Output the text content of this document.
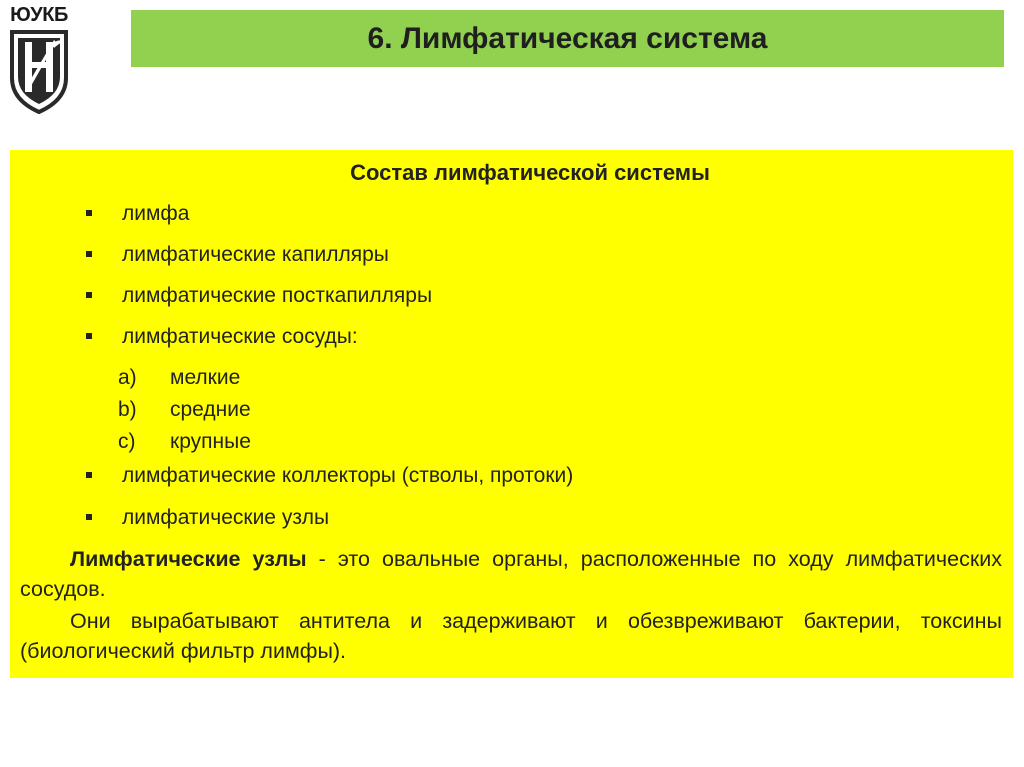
ЮУКБ
6. Лимфатическая система
Состав лимфатической системы
лимфа
лимфатические капилляры
лимфатические посткапилляры
лимфатические сосуды:
a) мелкие
b) средние
c) крупные
лимфатические коллекторы (стволы, протоки)
лимфатические узлы
Лимфатические узлы - это овальные органы, расположенные по ходу лимфатических сосудов.
Они вырабатывают антитела и задерживают и обезвреживают бактерии, токсины (биологический фильтр лимфы).
